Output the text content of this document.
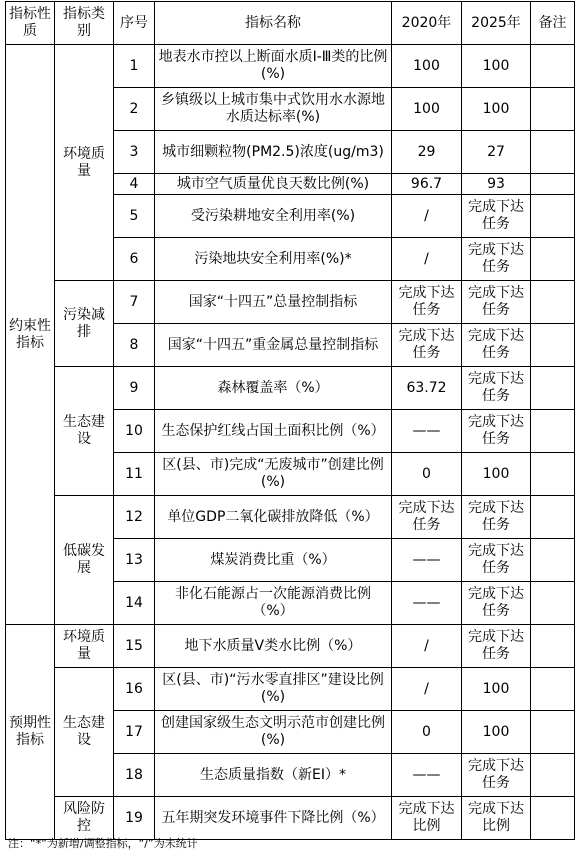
指标性质	指标类别	序号	指标名称	2020年	2025年	备注
约束性指标	环境质量	1	地表水市控以上断面水质Ⅰ-Ⅲ类的比例(%)	100	100	
		2	乡镇级以上城市集中式饮用水水源地水质达标率(%)	100	100	
		3	城市细颗粒物(PM2.5)浓度(ug/m3)	29	27	
		4	城市空气质量优良天数比例(%)	96.7	93	
		5	受污染耕地安全利用率(%)	/	完成下达任务	
		6	污染地块安全利用率(%)*	/	完成下达任务	
	污染减排	7	国家“十四五”总量控制指标	完成下达任务	完成下达任务	
		8	国家“十四五”重金属总量控制指标	完成下达任务	完成下达任务	
	生态建设	9	森林覆盖率（%）	63.72	完成下达任务	
		10	生态保护红线占国土面积比例（%）	——	完成下达任务	
		11	区(县、市)完成“无废城市”创建比例(%)	0	100	
	低碳发展	12	单位GDP二氧化碳排放降低（%）	完成下达任务	完成下达任务	
		13	煤炭消费比重（%）	——	完成下达任务	
		14	非化石能源占一次能源消费比例（%）	——	完成下达任务	
预期性指标	环境质量	15	地下水质量Ⅴ类水比例（%）	/	完成下达任务	
	生态建设	16	区(县、市)“污水零直排区”建设比例(%)	/	100	
		17	创建国家级生态文明示范市创建比例(%)	0	100	
		18	生态质量指数（新EI）*	——	完成下达任务	
	风险防控	19	五年期突发环境事件下降比例（%）	完成下达比例	完成下达比例	
注：“*”为新增/调整指标，“/”为未统计
